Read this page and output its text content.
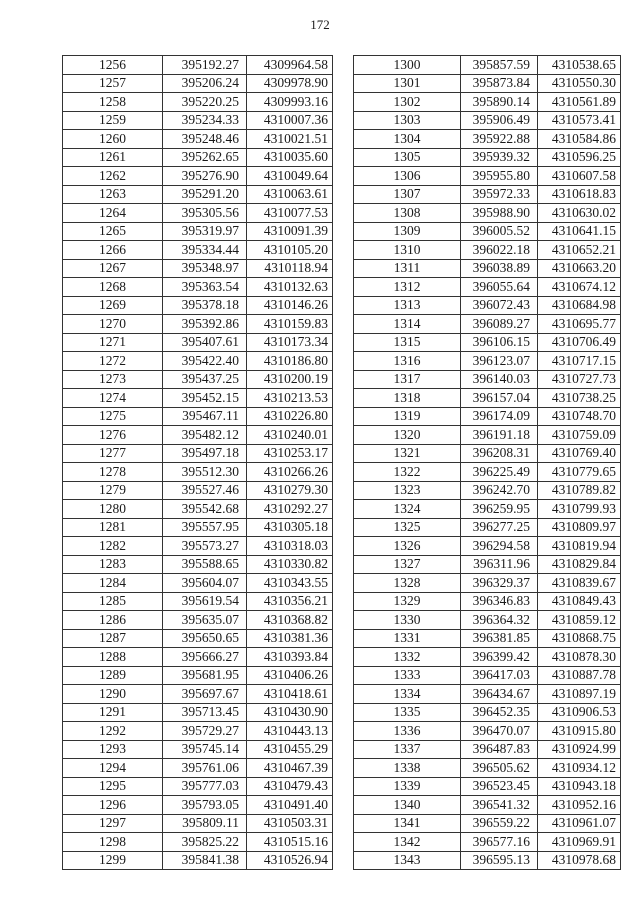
172
1256	395192.27	4309964.58
1257	395206.24	4309978.90
1258	395220.25	4309993.16
1259	395234.33	4310007.36
1260	395248.46	4310021.51
1261	395262.65	4310035.60
1262	395276.90	4310049.64
1263	395291.20	4310063.61
1264	395305.56	4310077.53
1265	395319.97	4310091.39
1266	395334.44	4310105.20
1267	395348.97	4310118.94
1268	395363.54	4310132.63
1269	395378.18	4310146.26
1270	395392.86	4310159.83
1271	395407.61	4310173.34
1272	395422.40	4310186.80
1273	395437.25	4310200.19
1274	395452.15	4310213.53
1275	395467.11	4310226.80
1276	395482.12	4310240.01
1277	395497.18	4310253.17
1278	395512.30	4310266.26
1279	395527.46	4310279.30
1280	395542.68	4310292.27
1281	395557.95	4310305.18
1282	395573.27	4310318.03
1283	395588.65	4310330.82
1284	395604.07	4310343.55
1285	395619.54	4310356.21
1286	395635.07	4310368.82
1287	395650.65	4310381.36
1288	395666.27	4310393.84
1289	395681.95	4310406.26
1290	395697.67	4310418.61
1291	395713.45	4310430.90
1292	395729.27	4310443.13
1293	395745.14	4310455.29
1294	395761.06	4310467.39
1295	395777.03	4310479.43
1296	395793.05	4310491.40
1297	395809.11	4310503.31
1298	395825.22	4310515.16
1299	395841.38	4310526.94
1300	395857.59	4310538.65
1301	395873.84	4310550.30
1302	395890.14	4310561.89
1303	395906.49	4310573.41
1304	395922.88	4310584.86
1305	395939.32	4310596.25
1306	395955.80	4310607.58
1307	395972.33	4310618.83
1308	395988.90	4310630.02
1309	396005.52	4310641.15
1310	396022.18	4310652.21
1311	396038.89	4310663.20
1312	396055.64	4310674.12
1313	396072.43	4310684.98
1314	396089.27	4310695.77
1315	396106.15	4310706.49
1316	396123.07	4310717.15
1317	396140.03	4310727.73
1318	396157.04	4310738.25
1319	396174.09	4310748.70
1320	396191.18	4310759.09
1321	396208.31	4310769.40
1322	396225.49	4310779.65
1323	396242.70	4310789.82
1324	396259.95	4310799.93
1325	396277.25	4310809.97
1326	396294.58	4310819.94
1327	396311.96	4310829.84
1328	396329.37	4310839.67
1329	396346.83	4310849.43
1330	396364.32	4310859.12
1331	396381.85	4310868.75
1332	396399.42	4310878.30
1333	396417.03	4310887.78
1334	396434.67	4310897.19
1335	396452.35	4310906.53
1336	396470.07	4310915.80
1337	396487.83	4310924.99
1338	396505.62	4310934.12
1339	396523.45	4310943.18
1340	396541.32	4310952.16
1341	396559.22	4310961.07
1342	396577.16	4310969.91
1343	396595.13	4310978.68
